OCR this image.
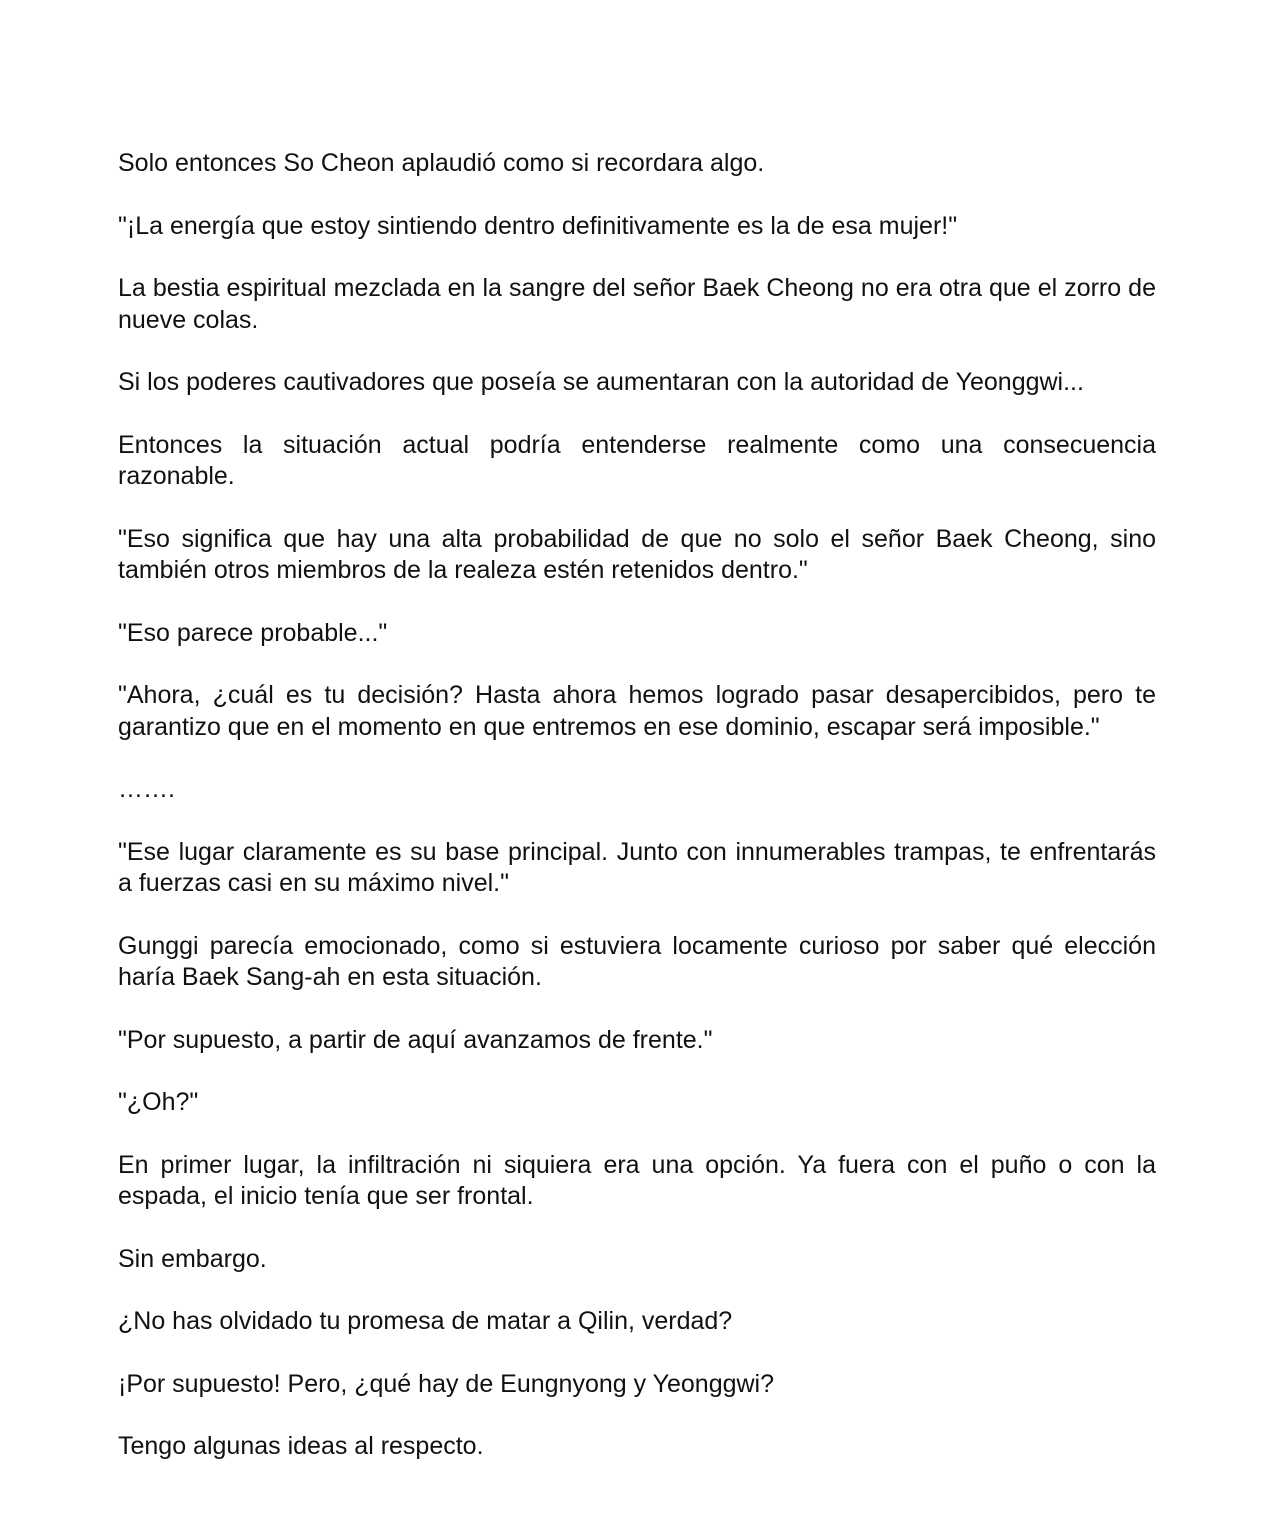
Solo entonces So Cheon aplaudió como si recordara algo.

"¡La energía que estoy sintiendo dentro definitivamente es la de esa mujer!"

La bestia espiritual mezclada en la sangre del señor Baek Cheong no era otra que el zorro de nueve colas.

Si los poderes cautivadores que poseía se aumentaran con la autoridad de Yeonggwi...

Entonces la situación actual podría entenderse realmente como una consecuencia razonable.

"Eso significa que hay una alta probabilidad de que no solo el señor Baek Cheong, sino también otros miembros de la realeza estén retenidos dentro."

"Eso parece probable..."

"Ahora, ¿cuál es tu decisión? Hasta ahora hemos logrado pasar desapercibidos, pero te garantizo que en el momento en que entremos en ese dominio, escapar será imposible."

…….

"Ese lugar claramente es su base principal. Junto con innumerables trampas, te enfrentarás a fuerzas casi en su máximo nivel."

Gunggi parecía emocionado, como si estuviera locamente curioso por saber qué elección haría Baek Sang-ah en esta situación.

"Por supuesto, a partir de aquí avanzamos de frente."

"¿Oh?"

En primer lugar, la infiltración ni siquiera era una opción. Ya fuera con el puño o con la espada, el inicio tenía que ser frontal.

Sin embargo.

¿No has olvidado tu promesa de matar a Qilin, verdad?

¡Por supuesto! Pero, ¿qué hay de Eungnyong y Yeonggwi?

Tengo algunas ideas al respecto.
